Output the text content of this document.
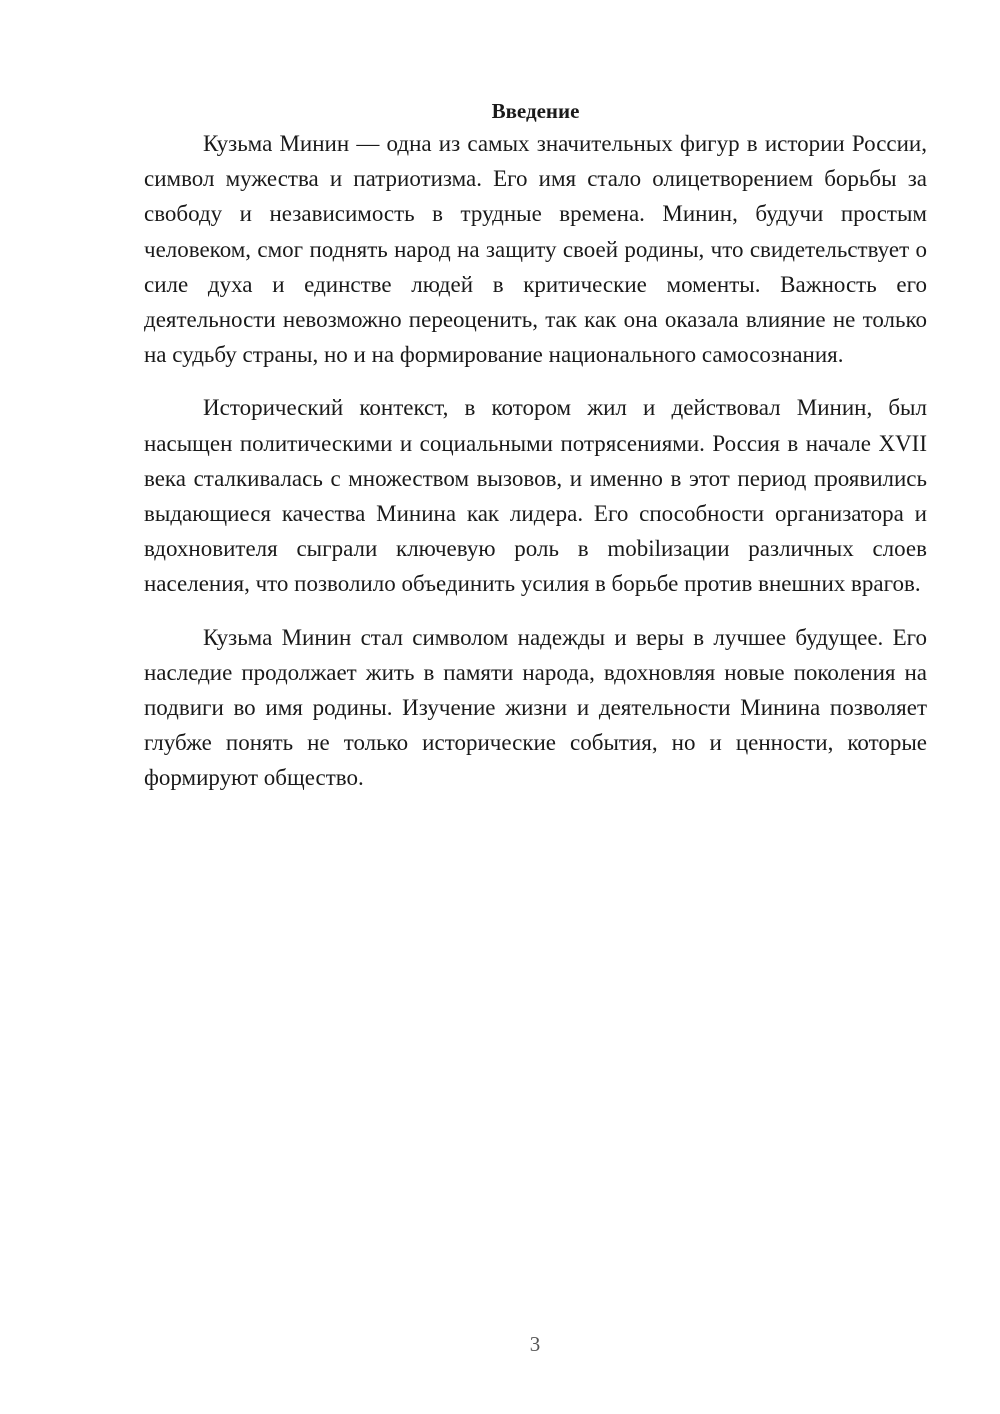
Введение

Кузьма Минин — одна из самых значительных фигур в истории России, символ мужества и патриотизма. Его имя стало олицетворением борьбы за свободу и независимость в трудные времена. Минин, будучи простым человеком, смог поднять народ на защиту своей родины, что свидетельствует о силе духа и единстве людей в критические моменты. Важность его деятельности невозможно переоценить, так как она оказала влияние не только на судьбу страны, но и на формирование национального самосознания.

Исторический контекст, в котором жил и действовал Минин, был насыщен политическими и социальными потрясениями. Россия в начале XVII века сталкивалась с множеством вызовов, и именно в этот период проявились выдающиеся качества Минина как лидера. Его способности организатора и вдохновителя сыграли ключевую роль в mobilизации различных слоев населения, что позволило объединить усилия в борьбе против внешних врагов.

Кузьма Минин стал символом надежды и веры в лучшее будущее. Его наследие продолжает жить в памяти народа, вдохновляя новые поколения на подвиги во имя родины. Изучение жизни и деятельности Минина позволяет глубже понять не только исторические события, но и ценности, которые формируют общество.

3
